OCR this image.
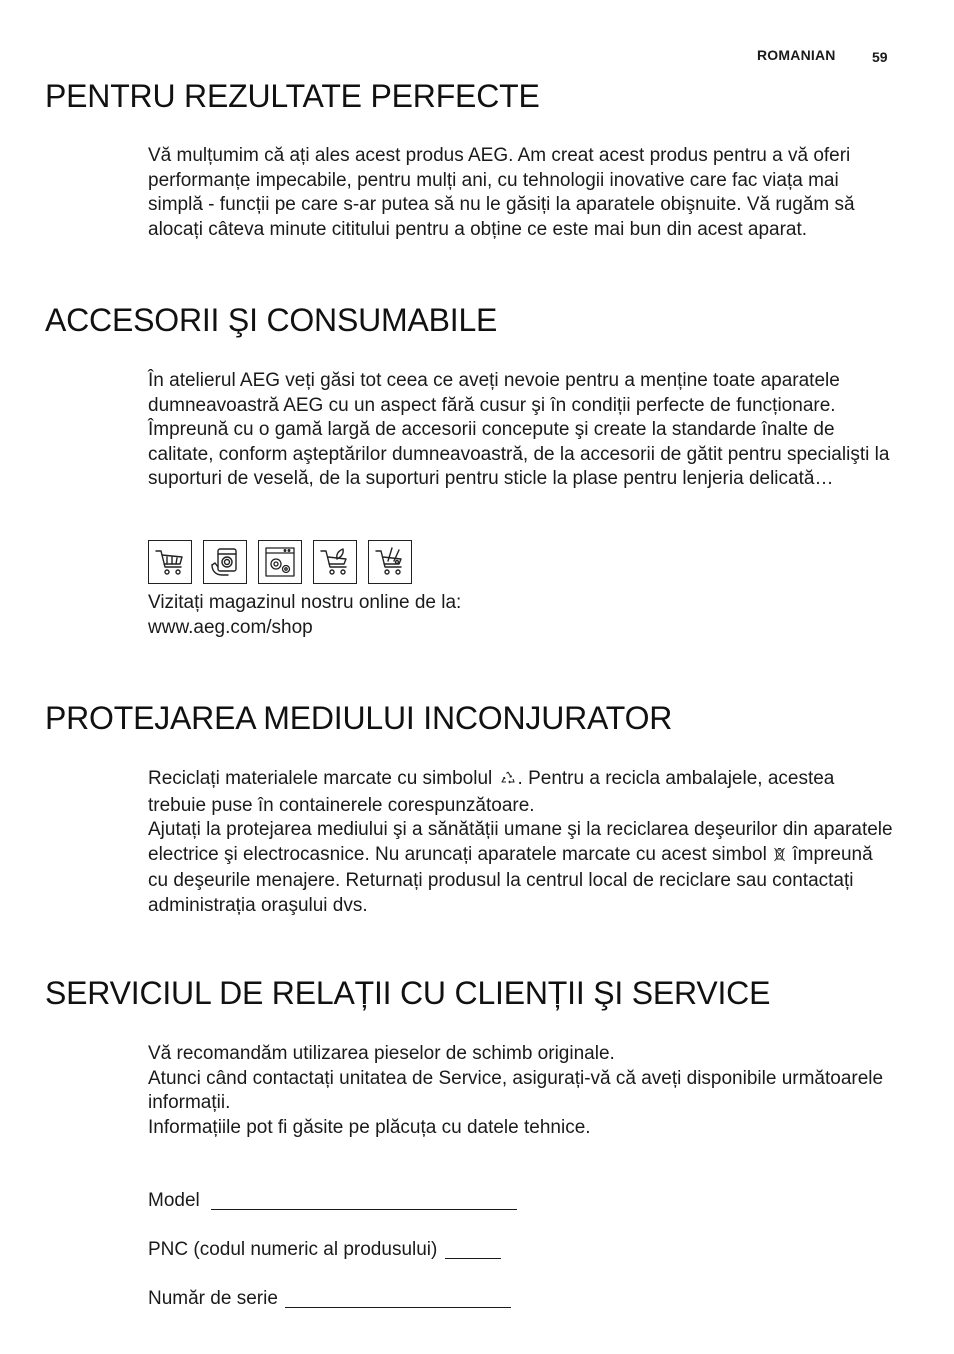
ROMANIAN	59
PENTRU REZULTATE PERFECTE

Vă mulțumim că ați ales acest produs AEG. Am creat acest produs pentru a vă oferi performanțe impecabile, pentru mulți ani, cu tehnologii inovative care fac viața mai simplă - funcții pe care s-ar putea să nu le găsiți la aparatele obişnuite. Vă rugăm să alocați câteva minute cititului pentru a obține ce este mai bun din acest aparat.

ACCESORII ŞI CONSUMABILE

În atelierul AEG veți găsi tot ceea ce aveți nevoie pentru a menține toate aparatele dumneavoastră AEG cu un aspect fără cusur şi în condiții perfecte de funcționare. Împreună cu o gamă largă de accesorii concepute şi create la standarde înalte de calitate, conform aşteptărilor dumneavoastră, de la accesorii de gătit pentru specialişti la suporturi de veselă, de la suporturi pentru sticle la plase pentru lenjeria delicată…

Vizitați magazinul nostru online de la:

www.aeg.com/shop

PROTEJAREA MEDIULUI INCONJURATOR

Reciclați materialele marcate cu simbolul . Pentru a recicla ambalajele, acestea trebuie puse în containerele corespunzătoare.

Ajutați la protejarea mediului şi a sănătății umane şi la reciclarea deşeurilor din aparatele electrice şi electrocasnice. Nu aruncați aparatele marcate cu acest simbol împreună cu deşeurile menajere. Returnați produsul la centrul local de reciclare sau contactați administrația oraşului dvs.

SERVICIUL DE RELAȚII CU CLIENȚII ŞI SERVICE

Vă recomandăm utilizarea pieselor de schimb originale.

Atunci când contactați unitatea de Service, asigurați-vă că aveți disponibile următoarele informații.

Informațiile pot fi găsite pe plăcuța cu datele tehnice.

Model
PNC (codul numeric al produsului)
Număr de serie
